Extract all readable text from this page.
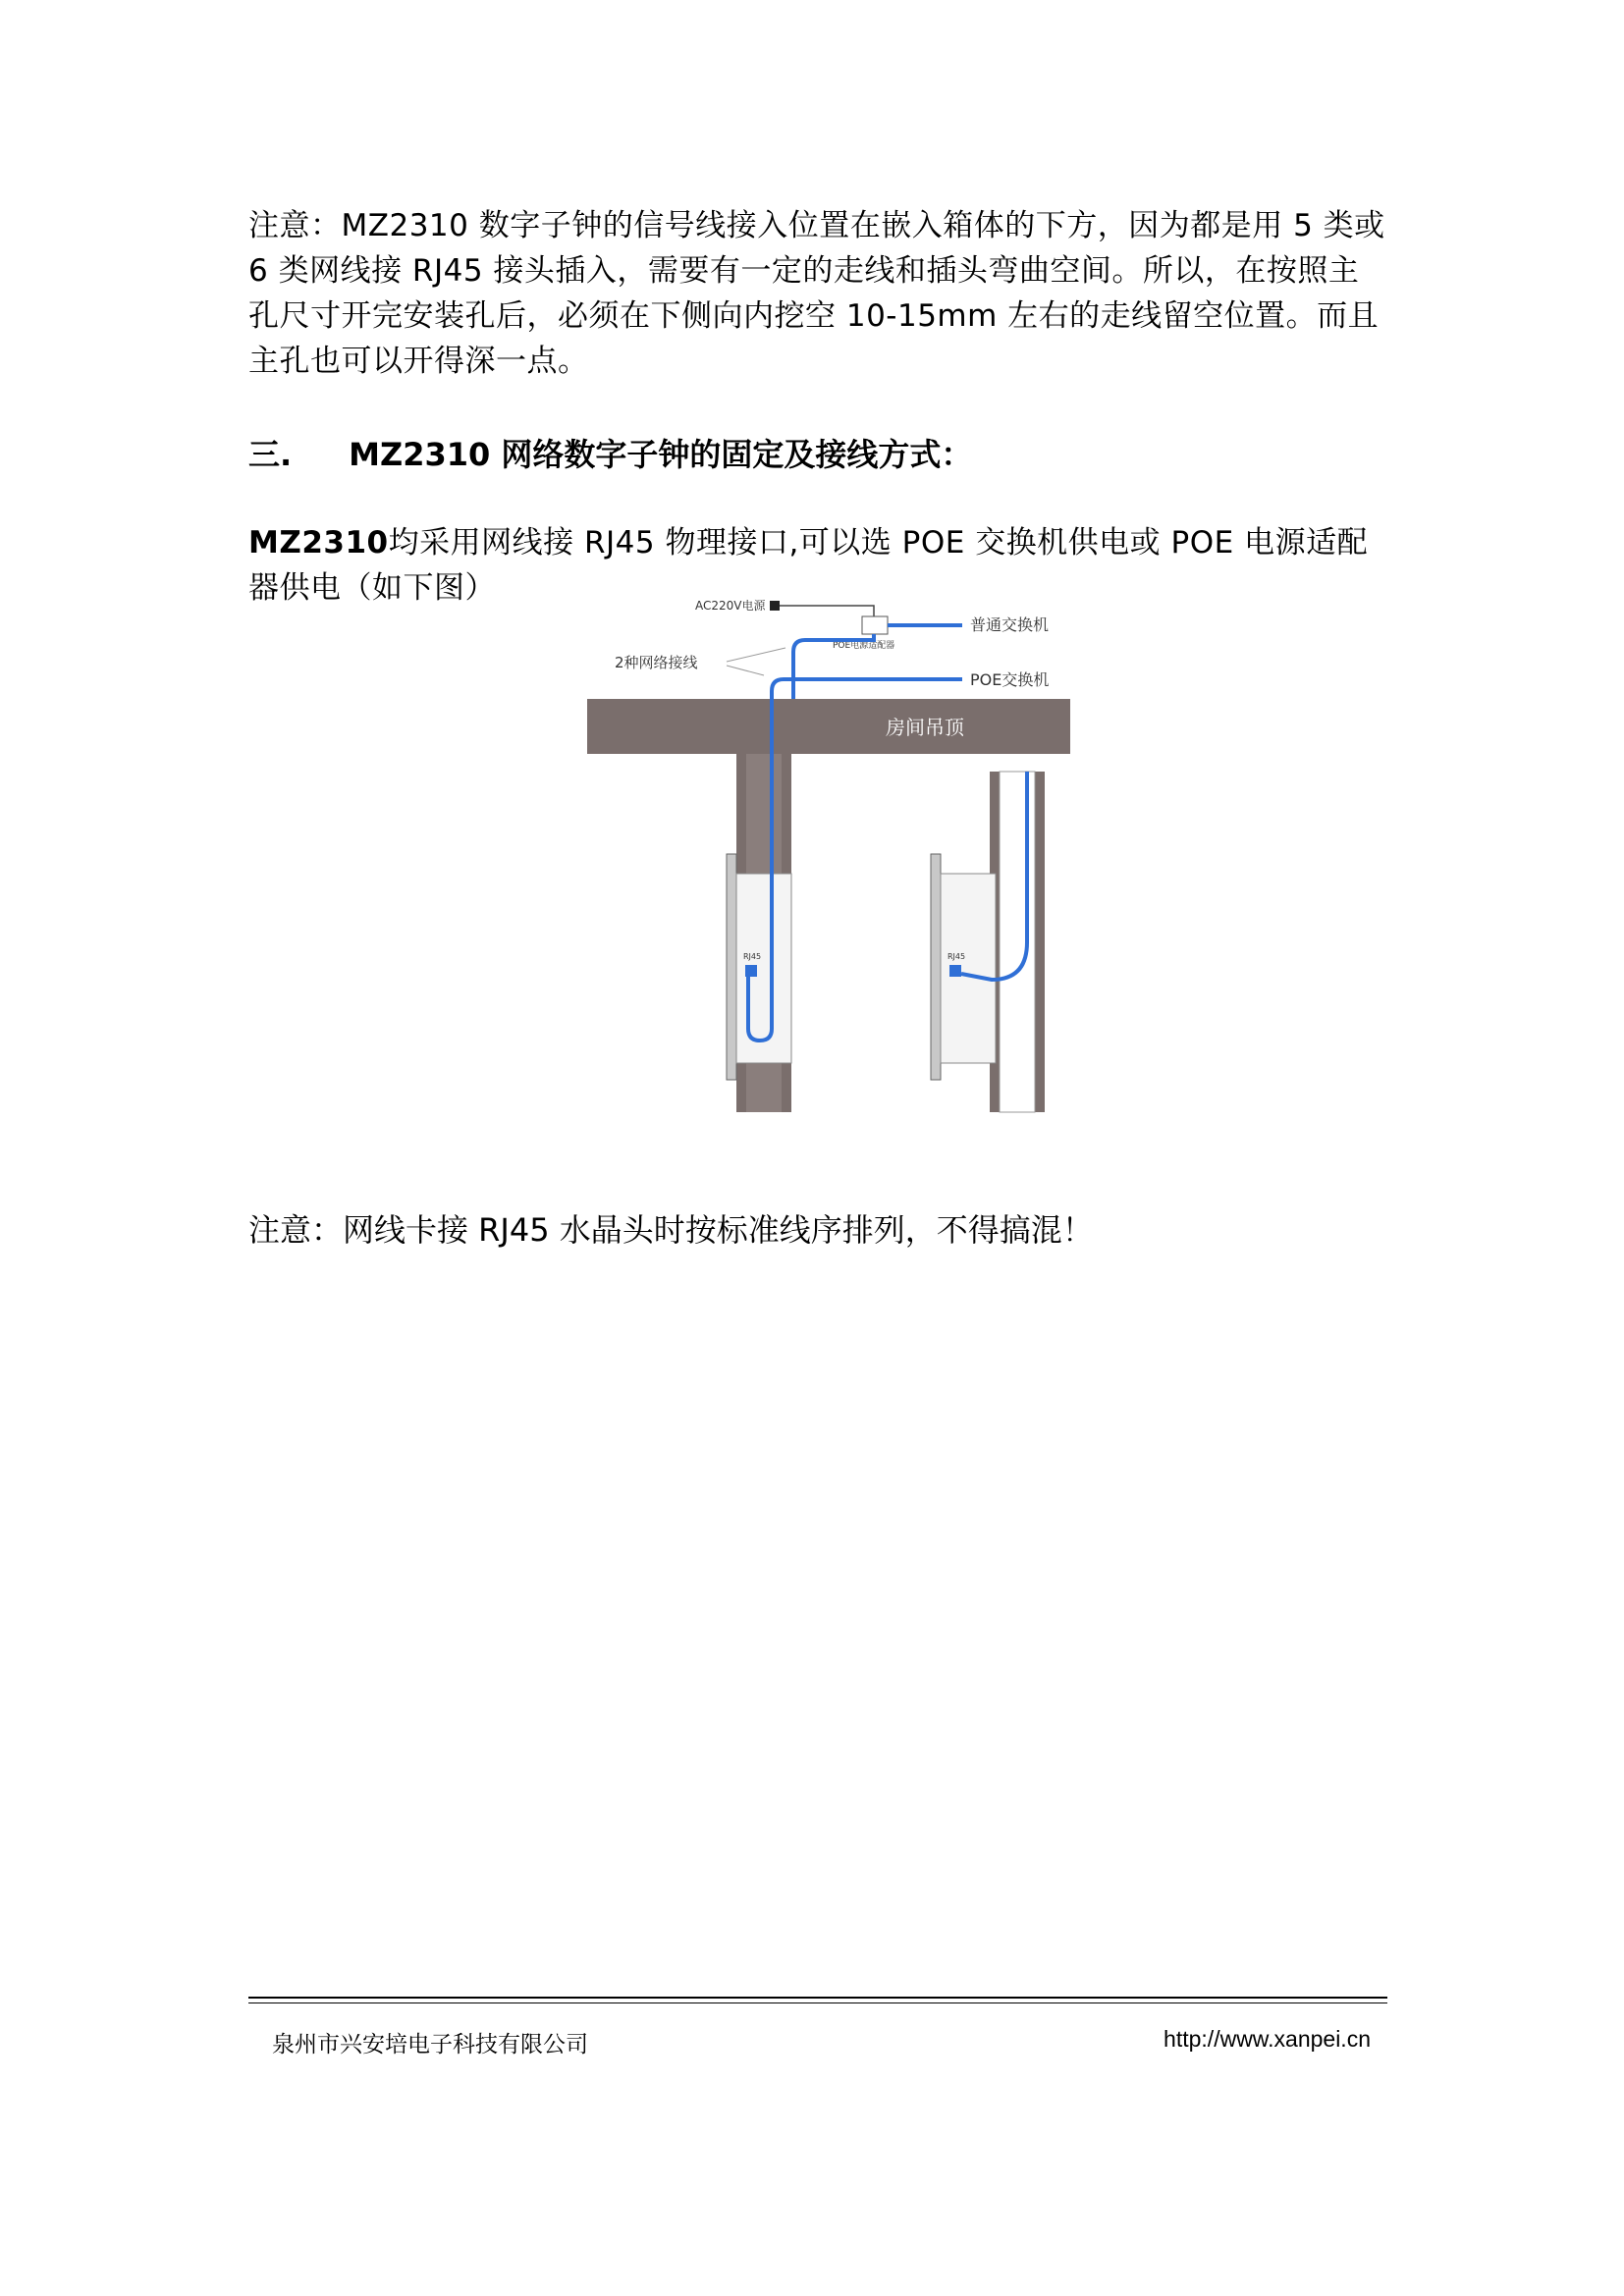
注意：MZ2310 数字子钟的信号线接入位置在嵌入箱体的下方，因为都是用 5 类或 6 类网线接 RJ45 接头插入，需要有一定的走线和插头弯曲空间。所以，在按照主孔尺寸开完安装孔后，必须在下侧向内挖空 10-15mm 左右的走线留空位置。而且主孔也可以开得深一点。
三. MZ2310 网络数字子钟的固定及接线方式：
MZ2310均采用网线接 RJ45 物理接口,可以选 POE 交换机供电或 POE 电源适配器供电（如下图）
房间吊顶
RJ45	RJ45
AC220V电源
POE电源适配器
普通交换机
2种网络接线
POE交换机
注意：网线卡接 RJ45 水晶头时按标准线序排列，不得搞混！
泉州市兴安培电子科技有限公司	http://www.xanpei.cn
